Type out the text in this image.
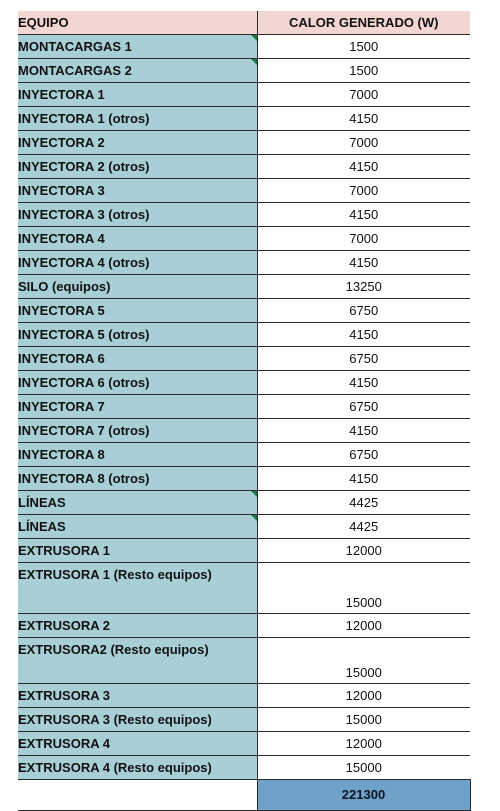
EQUIPO	CALOR GENERADO (W)
MONTACARGAS 1	1500
MONTACARGAS 2	1500
INYECTORA 1	7000
INYECTORA 1 (otros)	4150
INYECTORA 2	7000
INYECTORA 2 (otros)	4150
INYECTORA 3	7000
INYECTORA 3 (otros)	4150
INYECTORA 4	7000
INYECTORA 4 (otros)	4150
SILO (equipos)	13250
INYECTORA 5	6750
INYECTORA 5 (otros)	4150
INYECTORA 6	6750
INYECTORA 6 (otros)	4150
INYECTORA 7	6750
INYECTORA 7 (otros)	4150
INYECTORA 8	6750
INYECTORA 8 (otros)	4150
LÍNEAS	4425
LÍNEAS	4425
EXTRUSORA 1	12000
EXTRUSORA 1 (Resto equipos)	15000
EXTRUSORA 2	12000
EXTRUSORA2 (Resto equipos)	15000
EXTRUSORA 3	12000
EXTRUSORA 3 (Resto equipos)	15000
EXTRUSORA 4	12000
EXTRUSORA 4 (Resto equipos)	15000
	221300
